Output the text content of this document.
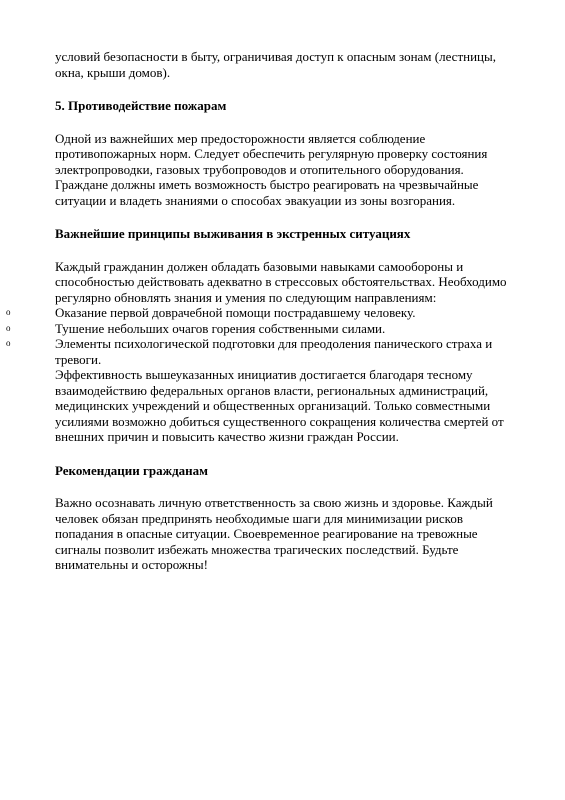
условий безопасности в быту, ограничивая доступ к опасным зонам (лестницы, окна, крыши домов).

5. Противодействие пожарам

Одной из важнейших мер предосторожности является соблюдение противопожарных норм. Следует обеспечить регулярную проверку состояния электропроводки, газовых трубопроводов и отопительного оборудования. Граждане должны иметь возможность быстро реагировать на чрезвычайные ситуации и владеть знаниями о способах эвакуации из зоны возгорания.

Важнейшие принципы выживания в экстренных ситуациях

Каждый гражданин должен обладать базовыми навыками самообороны и способностью действовать адекватно в стрессовых обстоятельствах. Необходимо регулярно обновлять знания и умения по следующим направлениям:

o	Оказание первой доврачебной помощи пострадавшему человеку.
o	Тушение небольших очагов горения собственными силами.
o	Элементы психологической подготовки для преодоления панического страха и тревоги.

Эффективность вышеуказанных инициатив достигается благодаря тесному взаимодействию федеральных органов власти, региональных администраций, медицинских учреждений и общественных организаций. Только совместными усилиями возможно добиться существенного сокращения количества смертей от внешних причин и повысить качество жизни граждан России.

Рекомендации гражданам

Важно осознавать личную ответственность за свою жизнь и здоровье. Каждый человек обязан предпринять необходимые шаги для минимизации рисков попадания в опасные ситуации. Своевременное реагирование на тревожные сигналы позволит избежать множества трагических последствий. Будьте внимательны и осторожны!
